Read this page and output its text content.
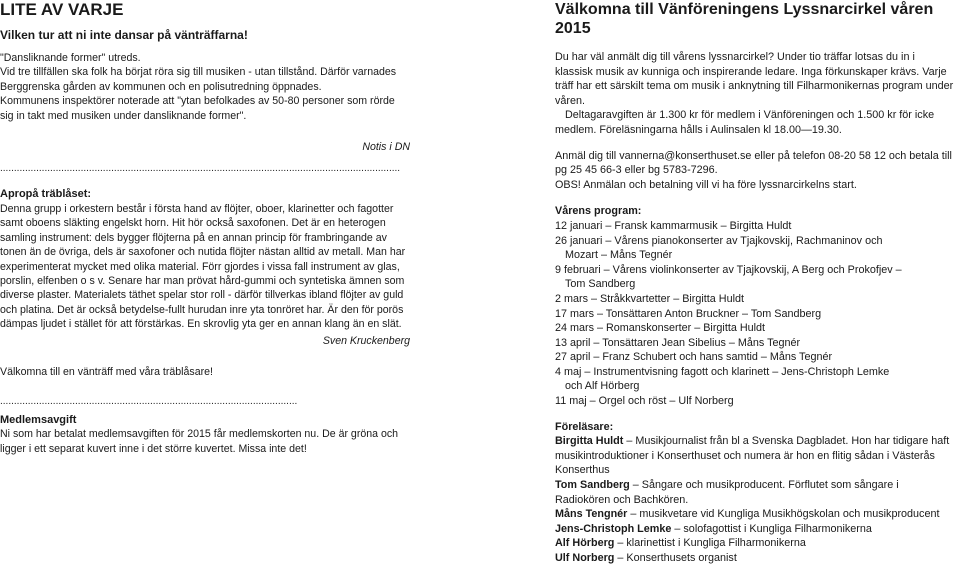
LITE AV VARJE

Vilken tur att ni inte dansar på vänträffarna!

"Dansliknande former" utreds.

Vid tre tillfällen ska folk ha börjat röra sig till musiken - utan tillstånd. Därför varnades Berggrenska gården av kommunen och en polisutredning öppnades.

Kommunens inspektörer noterade att "ytan befolkades av 50-80 personer som rörde sig in takt med musiken under dansliknande former".

Notis i DN

................................................................................................................................................

Apropå träblåset:

Denna grupp i orkestern består i första hand av flöjter, oboer, klarinetter och fagotter samt oboens släkting engelskt horn. Hit hör också saxofonen. Det är en heterogen samling instrument: dels bygger flöjterna på en annan princip för frambringande av tonen än de övriga, dels är saxofoner och nutida flöjter nästan alltid av metall. Man har experimenterat mycket med olika material. Förr gjordes i vissa fall instrument av glas, porslin, elfenben o s v. Senare har man prövat hård-gummi och syntetiska ämnen som diverse plaster. Materialets täthet spelar stor roll - därför tillverkas ibland flöjter av guld och platina. Det är också betydelse-fullt hurudan inre yta tonröret har. Är den för porös dämpas ljudet i stället för att förstärkas. En skrovlig yta ger en annan klang än en slät.

Sven Kruckenberg

Välkomna till en vänträff med våra träblåsare!

...........................................................................................................

Medlemsavgift

Ni som har betalat medlemsavgiften för 2015 får medlemskorten nu. De är gröna och ligger i ett separat kuvert inne i det större kuvertet. Missa inte det!

Välkomna till Vänföreningens Lyssnarcirkel våren 2015

Du har väl anmält dig till vårens lyssnarcirkel? Under tio träffar lotsas du in i klassisk musik av kunniga och inspirerande ledare. Inga förkunskaper krävs. Varje träff har ett särskilt tema om musik i anknytning till Filharmonikernas program under våren.

Deltagaravgiften är 1.300 kr för medlem i Vänföreningen och 1.500 kr för icke medlem. Föreläsningarna hålls i Aulinsalen kl 18.00—19.30.

Anmäl dig till vannerna@konserthuset.se eller på telefon 08-20 58 12 och betala till pg 25 45 66-3 eller bg 5783-7296.

OBS! Anmälan och betalning vill vi ha före lyssnarcirkelns start.

Vårens program:

12 januari – Fransk kammarmusik – Birgitta Huldt
26 januari – Vårens pianokonserter av Tjajkovskij, Rachmaninov och
Mozart – Måns Tegnér
9 februari – Vårens violinkonserter av Tjajkovskij, A Berg och Prokofjev –
Tom Sandberg
2 mars – Stråkkvartetter – Birgitta Huldt
17 mars – Tonsättaren Anton Bruckner – Tom Sandberg
24 mars – Romanskonserter – Birgitta Huldt
13 april – Tonsättaren Jean Sibelius – Måns Tegnér
27 april – Franz Schubert och hans samtid – Måns Tegnér
4 maj – Instrumentvisning fagott och klarinett – Jens-Christoph Lemke
och Alf Hörberg
11 maj – Orgel och röst – Ulf Norberg

Föreläsare:

Birgitta Huldt – Musikjournalist från bl a Svenska Dagbladet. Hon har tidigare haft musikintroduktioner i Konserthuset och numera är hon en flitig sådan i Västerås Konserthus

Tom Sandberg – Sångare och musikproducent. Förflutet som sångare i Radiokören och Bachkören.

Måns Tengnér – musikvetare vid Kungliga Musikhögskolan och musikproducent

Jens-Christoph Lemke – solofagottist i Kungliga Filharmonikerna

Alf Hörberg – klarinettist i Kungliga Filharmonikerna

Ulf Norberg – Konserthusets organist
